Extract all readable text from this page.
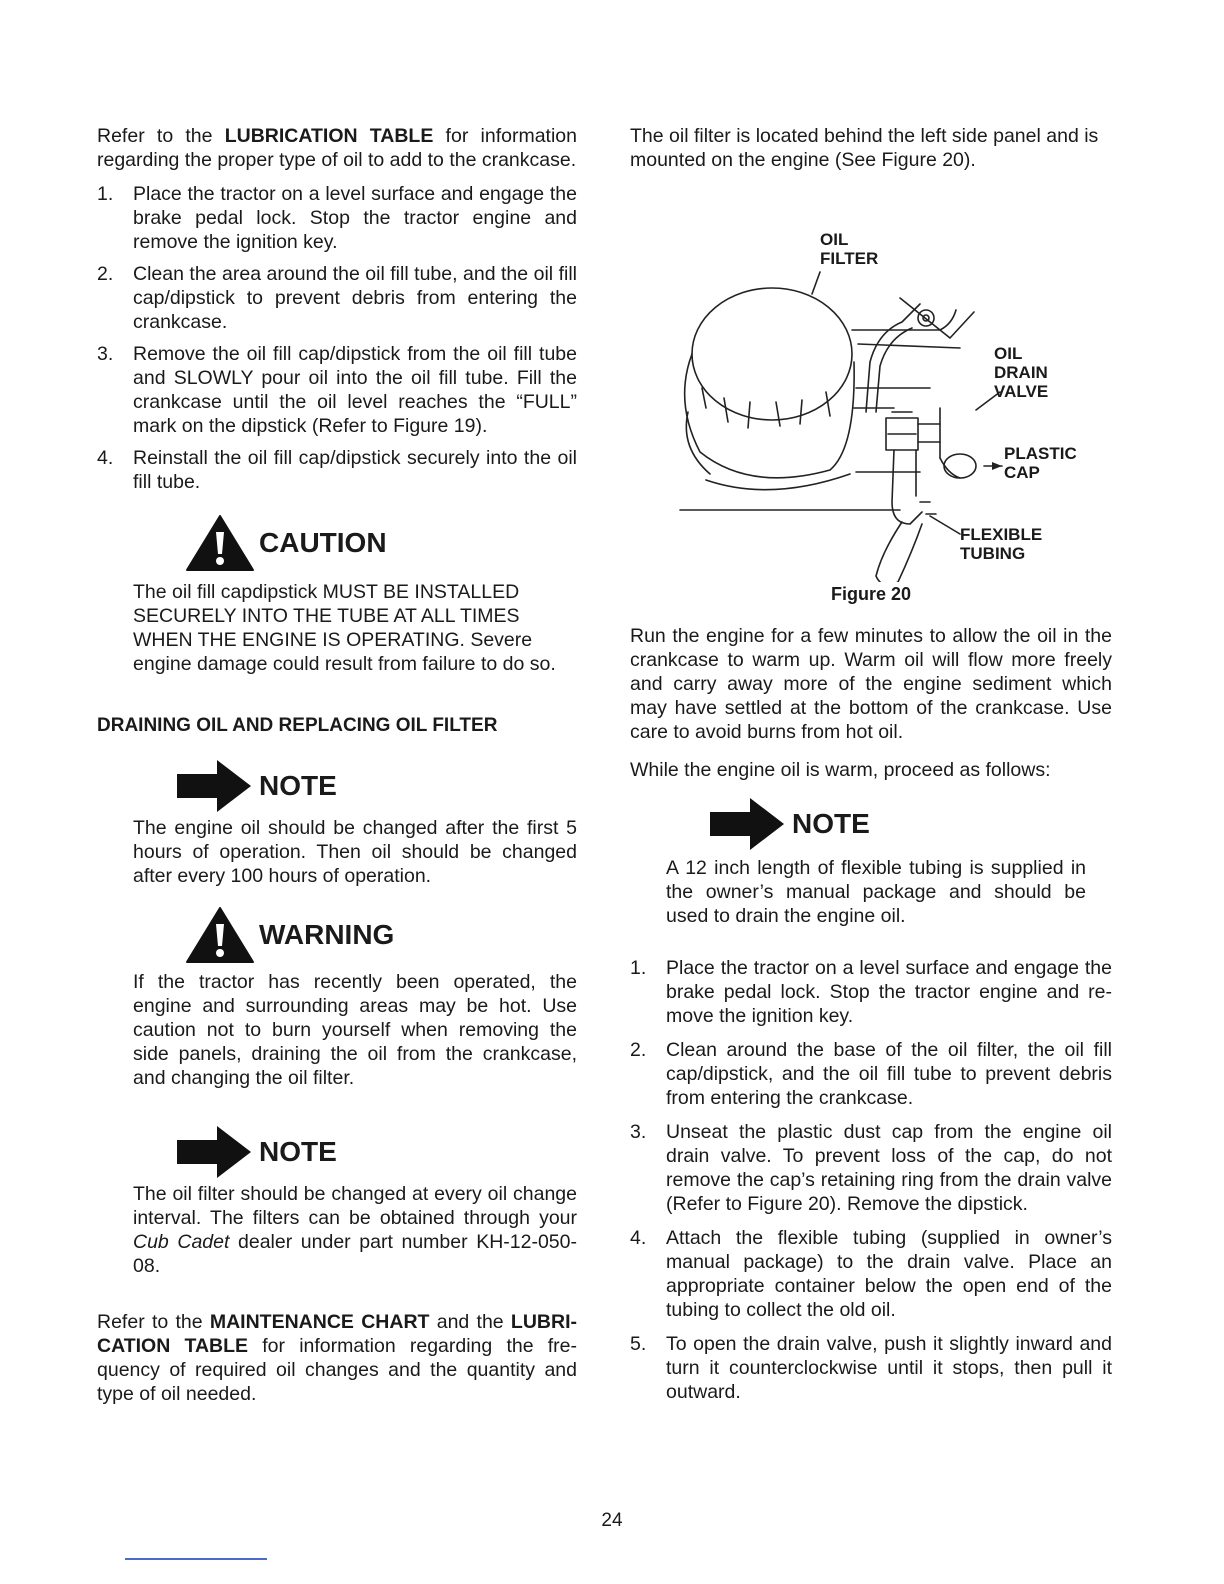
Refer to the LUBRICATION TABLE for information regarding the proper type of oil to add to the crankcase.

1. Place the tractor on a level surface and engage the brake pedal lock. Stop the tractor engine and remove the ignition key.
2. Clean the area around the oil fill tube, and the oil fill cap/dipstick to prevent debris from entering the crankcase.
3. Remove the oil fill cap/dipstick from the oil fill tube and SLOWLY pour oil into the oil fill tube. Fill the crankcase until the oil level reaches the “FULL” mark on the dipstick (Refer to Figure 19).
4. Reinstall the oil fill cap/dipstick securely into the oil fill tube.
CAUTION

The oil fill capdipstick MUST BE INSTALLED SECURELY INTO THE TUBE AT ALL TIMES WHEN THE ENGINE IS OPERATING. Severe engine damage could result from failure to do so.

DRAINING OIL AND REPLACING OIL FILTER
NOTE

The engine oil should be changed after the first 5 hours of operation. Then oil should be changed after every 100 hours of operation.

WARNING

If the tractor has recently been operated, the engine and surrounding areas may be hot. Use caution not to burn yourself when removing the side panels, draining the oil from the crankcase, and changing the oil filter.

NOTE

The oil filter should be changed at every oil change interval. The filters can be obtained through your Cub Cadet dealer under part number KH-12-050-08.

Refer to the MAINTENANCE CHART and the LUBRI-CATION TABLE for information regarding the fre-quency of required oil changes and the quantity and type of oil needed.

The oil filter is located behind the left side panel and is mounted on the engine (See Figure 20).

OIL
FILTER
OIL
DRAIN
VALVE
PLASTIC
CAP
FLEXIBLE
TUBING
Figure 20

Run the engine for a few minutes to allow the oil in the crankcase to warm up. Warm oil will flow more freely and carry away more of the engine sediment which may have settled at the bottom of the crankcase. Use care to avoid burns from hot oil.

While the engine oil is warm, proceed as follows:

NOTE

A 12 inch length of flexible tubing is supplied in the owner’s manual package and should be used to drain the engine oil.

1. Place the tractor on a level surface and engage the brake pedal lock. Stop the tractor engine and re-move the ignition key.
2. Clean around the base of the oil filter, the oil fill cap/dipstick, and the oil fill tube to prevent debris from entering the crankcase.
3. Unseat the plastic dust cap from the engine oil drain valve. To prevent loss of the cap, do not remove the cap’s retaining ring from the drain valve (Refer to Figure 20). Remove the dipstick.
4. Attach the flexible tubing (supplied in owner’s manual package) to the drain valve. Place an appropriate container below the open end of the tubing to collect the old oil.
5. To open the drain valve, push it slightly inward and turn it counterclockwise until it stops, then pull it outward.
24
